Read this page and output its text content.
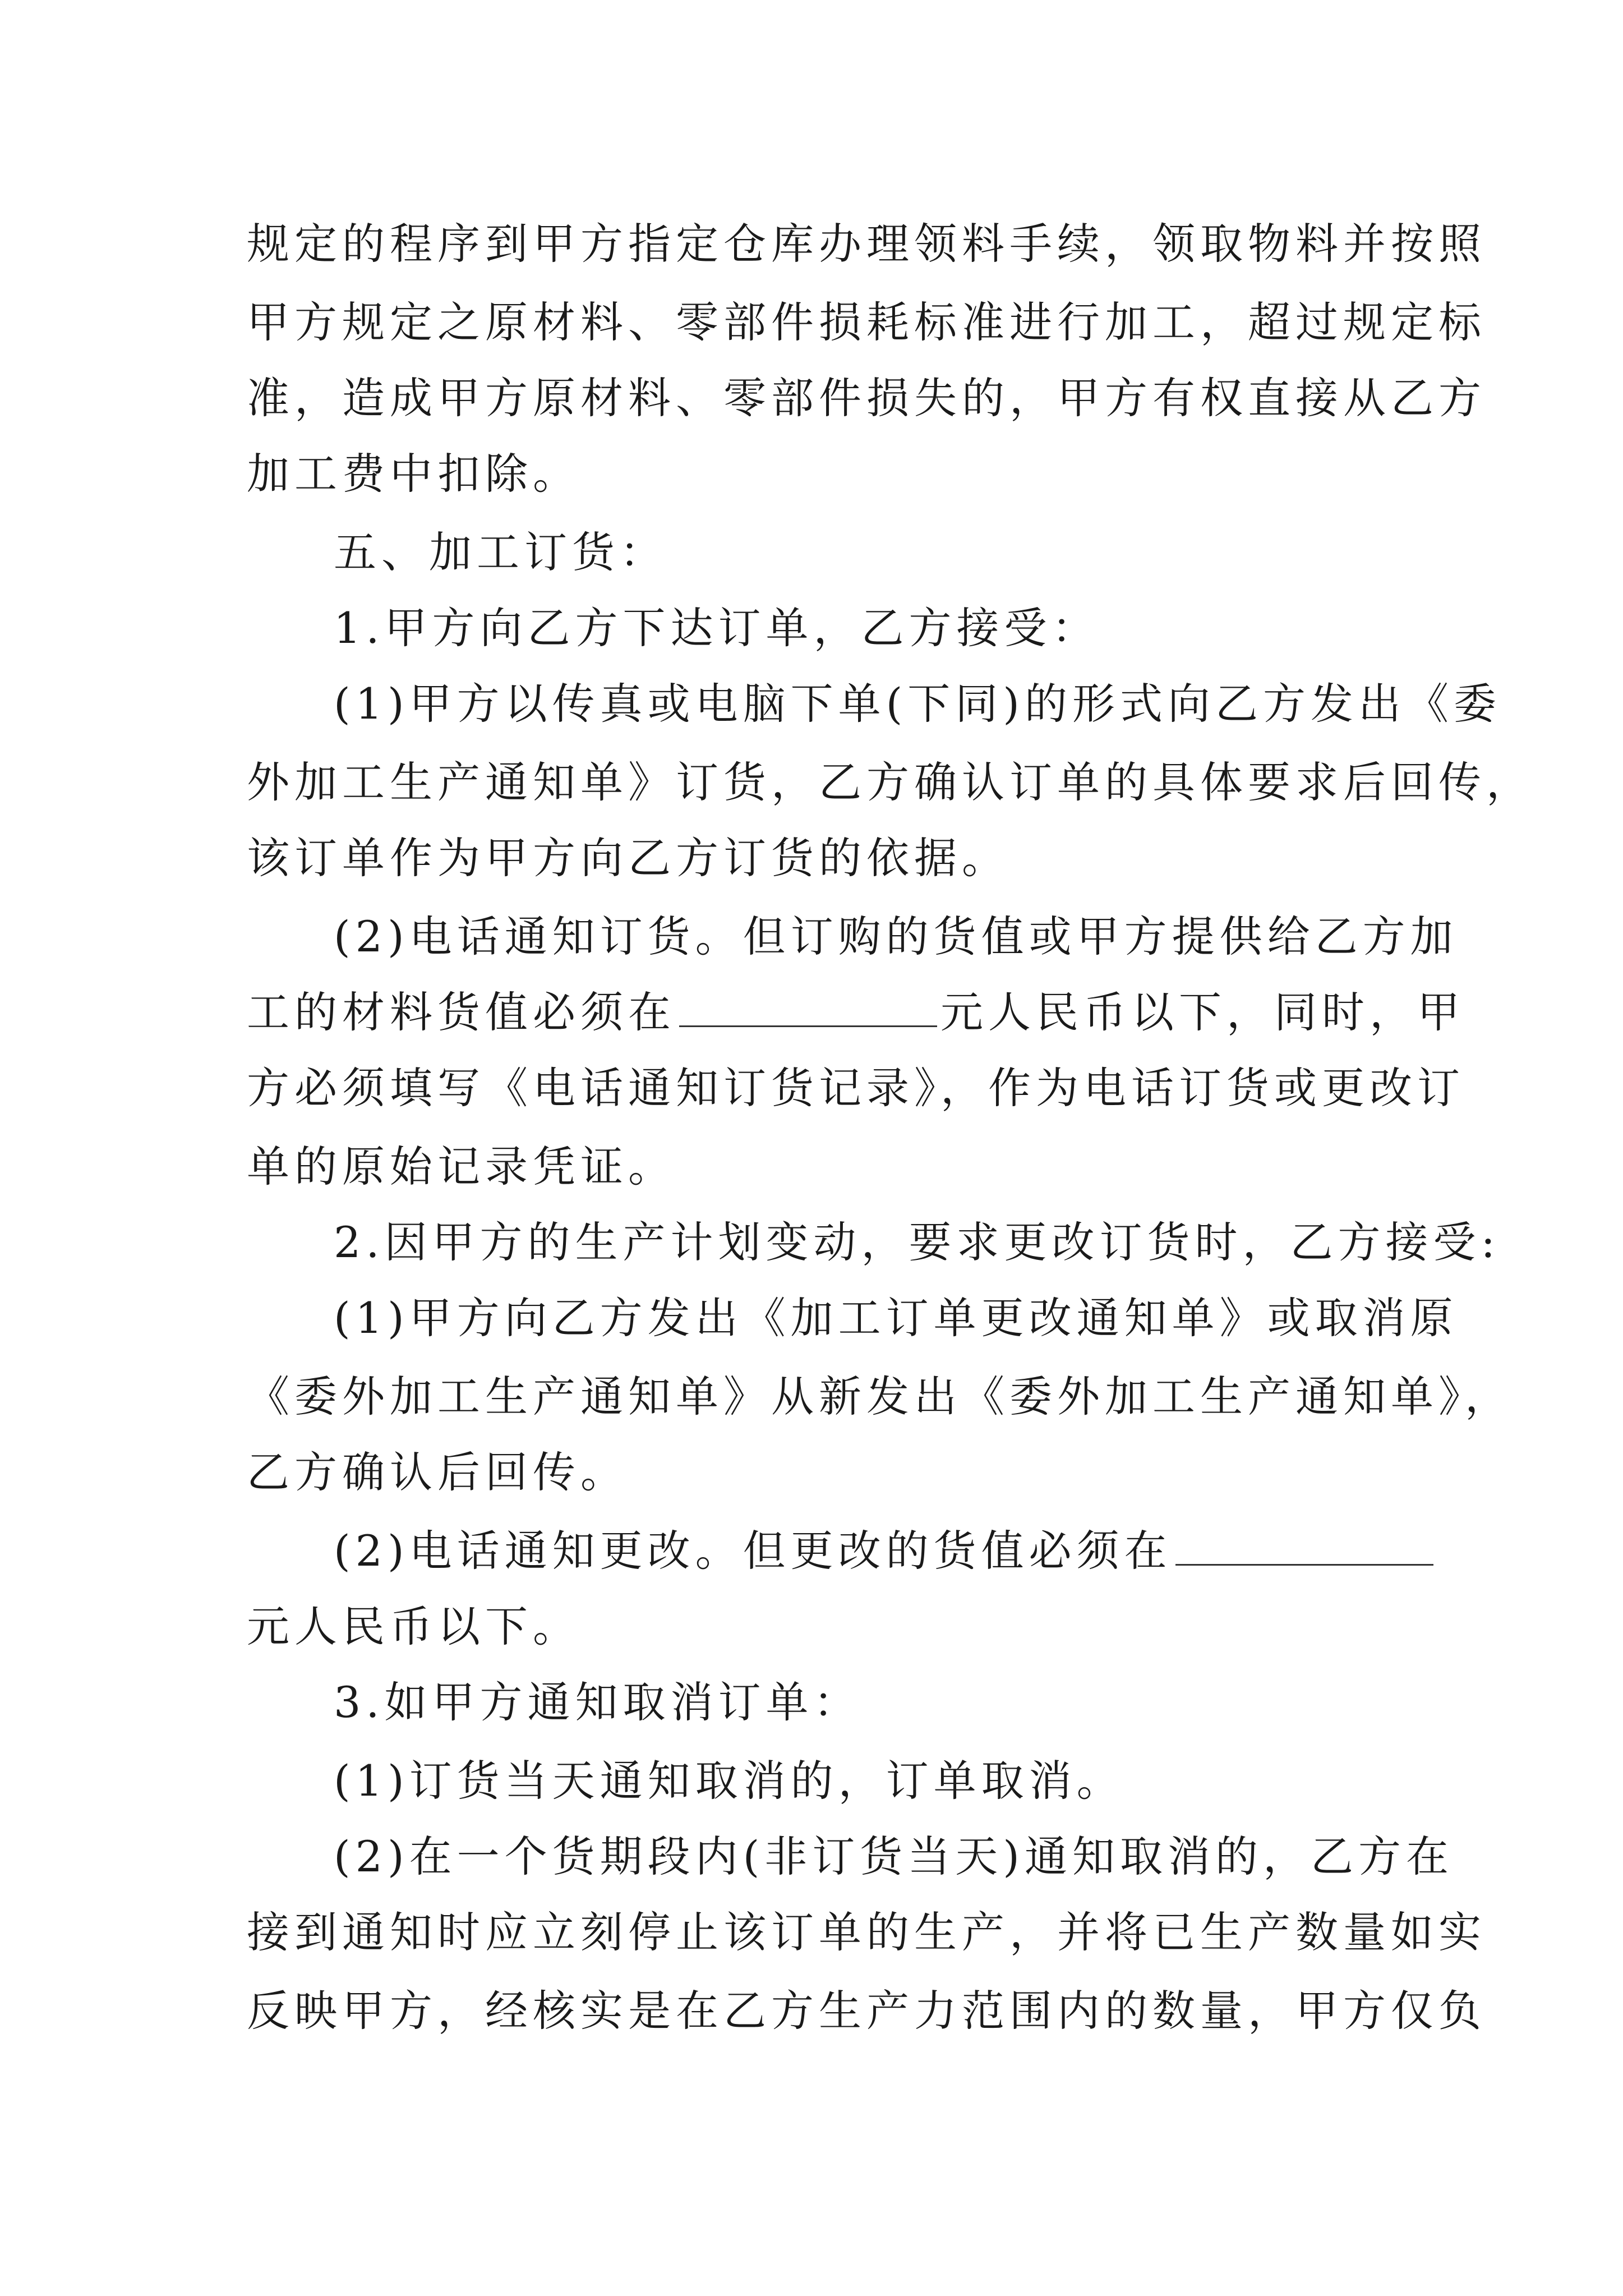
规定的程序到甲方指定仓库办理领料手续，领取物料并按照
甲方规定之原材料、零部件损耗标准进行加工，超过规定标
准，造成甲方原材料、零部件损失的，甲方有权直接从乙方
加工费中扣除。
五、加工订货：
1.甲方向乙方下达订单，乙方接受：
(1)甲方以传真或电脑下单(下同)的形式向乙方发出《委
外加工生产通知单》订货，乙方确认订单的具体要求后回传，
该订单作为甲方向乙方订货的依据。
(2)电话通知订货。但订购的货值或甲方提供给乙方加
工的材料货值必须在	元人民币以下，同时，甲
方必须填写《电话通知订货记录》，作为电话订货或更改订
单的原始记录凭证。
2.因甲方的生产计划变动，要求更改订货时，乙方接受:
(1)甲方向乙方发出《加工订单更改通知单》或取消原
《委外加工生产通知单》从新发出《委外加工生产通知单》，
乙方确认后回传。
(2)电话通知更改。但更改的货值必须在
元人民币以下。
3.如甲方通知取消订单：
(1)订货当天通知取消的，订单取消。
(2)在一个货期段内(非订货当天)通知取消的，乙方在
接到通知时应立刻停止该订单的生产，并将已生产数量如实
反映甲方，经核实是在乙方生产力范围内的数量，甲方仅负
